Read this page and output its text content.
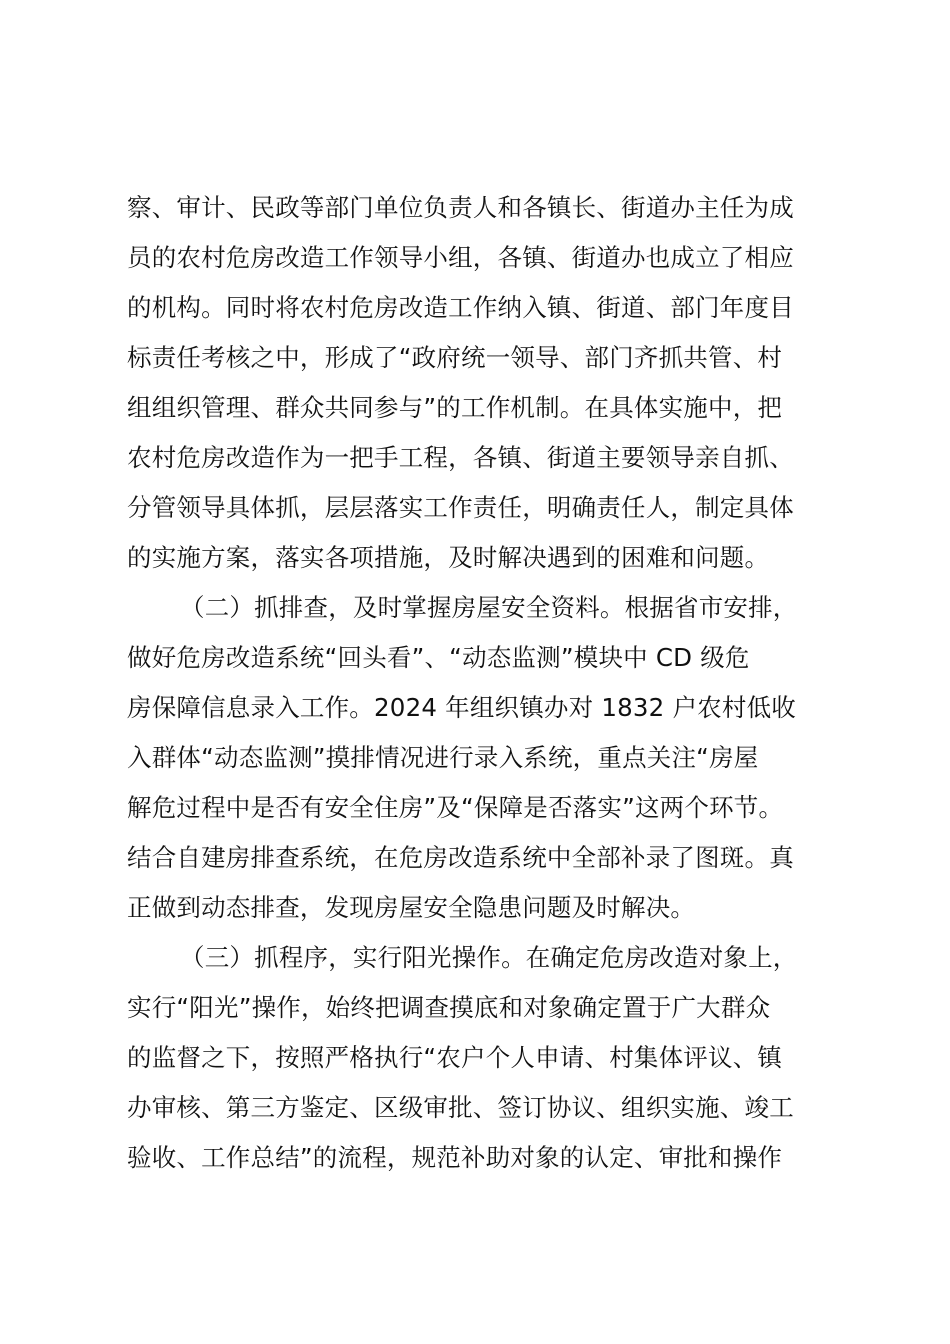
察、审计、民政等部门单位负责人和各镇长、街道办主任为成
员的农村危房改造工作领导小组，各镇、街道办也成立了相应
的机构。同时将农村危房改造工作纳入镇、街道、部门年度目
标责任考核之中，形成了“政府统一领导、部门齐抓共管、村
组组织管理、群众共同参与”的工作机制。在具体实施中，把
农村危房改造作为一把手工程，各镇、街道主要领导亲自抓、
分管领导具体抓，层层落实工作责任，明确责任人，制定具体
的实施方案，落实各项措施，及时解决遇到的困难和问题。
（二）抓排查，及时掌握房屋安全资料。根据省市安排，
做好危房改造系统“回头看”、“动态监测”模块中 CD 级危
房保障信息录入工作。2024 年组织镇办对 1832 户农村低收
入群体“动态监测”摸排情况进行录入系统，重点关注“房屋
解危过程中是否有安全住房”及“保障是否落实”这两个环节。
结合自建房排查系统，在危房改造系统中全部补录了图斑。真
正做到动态排查，发现房屋安全隐患问题及时解决。
（三）抓程序，实行阳光操作。在确定危房改造对象上，
实行“阳光”操作，始终把调查摸底和对象确定置于广大群众
的监督之下，按照严格执行“农户个人申请、村集体评议、镇
办审核、第三方鉴定、区级审批、签订协议、组织实施、竣工
验收、工作总结”的流程，规范补助对象的认定、审批和操作
